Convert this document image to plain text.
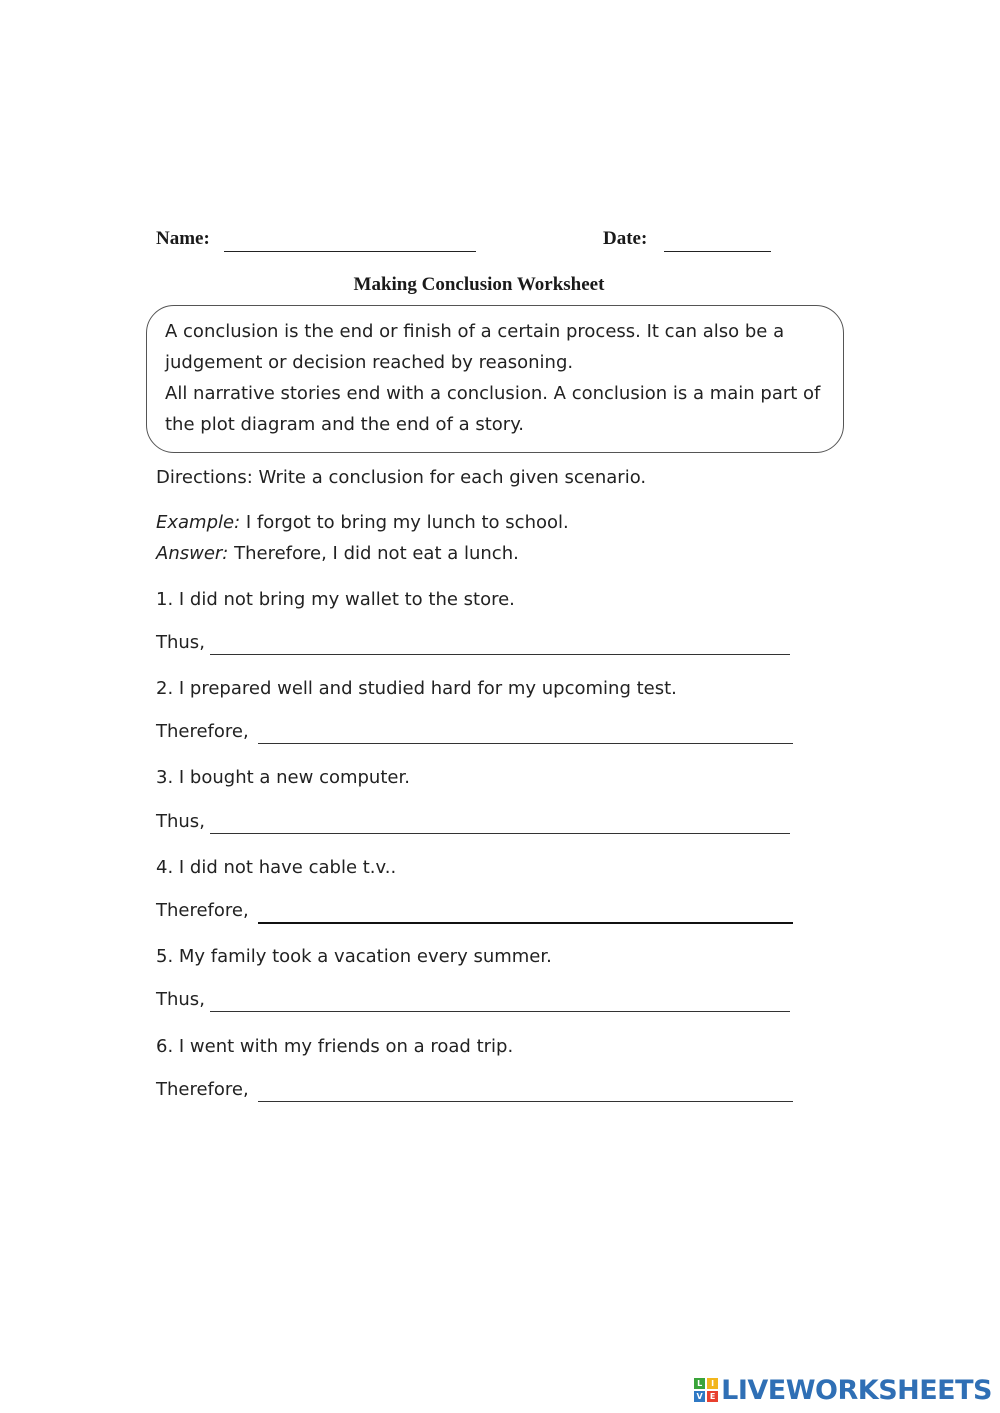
Name:	Date:
Making Conclusion Worksheet

A conclusion is the end or finish of a certain process. It can also be a judgement or decision reached by reasoning.

All narrative stories end with a conclusion. A conclusion is a main part of the plot diagram and the end of a story.

Directions: Write a conclusion for each given scenario.
Example: I forgot to bring my lunch to school.
Answer: Therefore, I did not eat a lunch.
1. I did not bring my wallet to the store.
Thus,
2. I prepared well and studied hard for my upcoming test.
Therefore,
3. I bought a new computer.
Thus,
4. I did not have cable t.v..
Therefore,
5. My family took a vacation every summer.
Thus,
6. I went with my friends on a road trip.
Therefore,
L	I
V E LIVEWORKSHEETS
